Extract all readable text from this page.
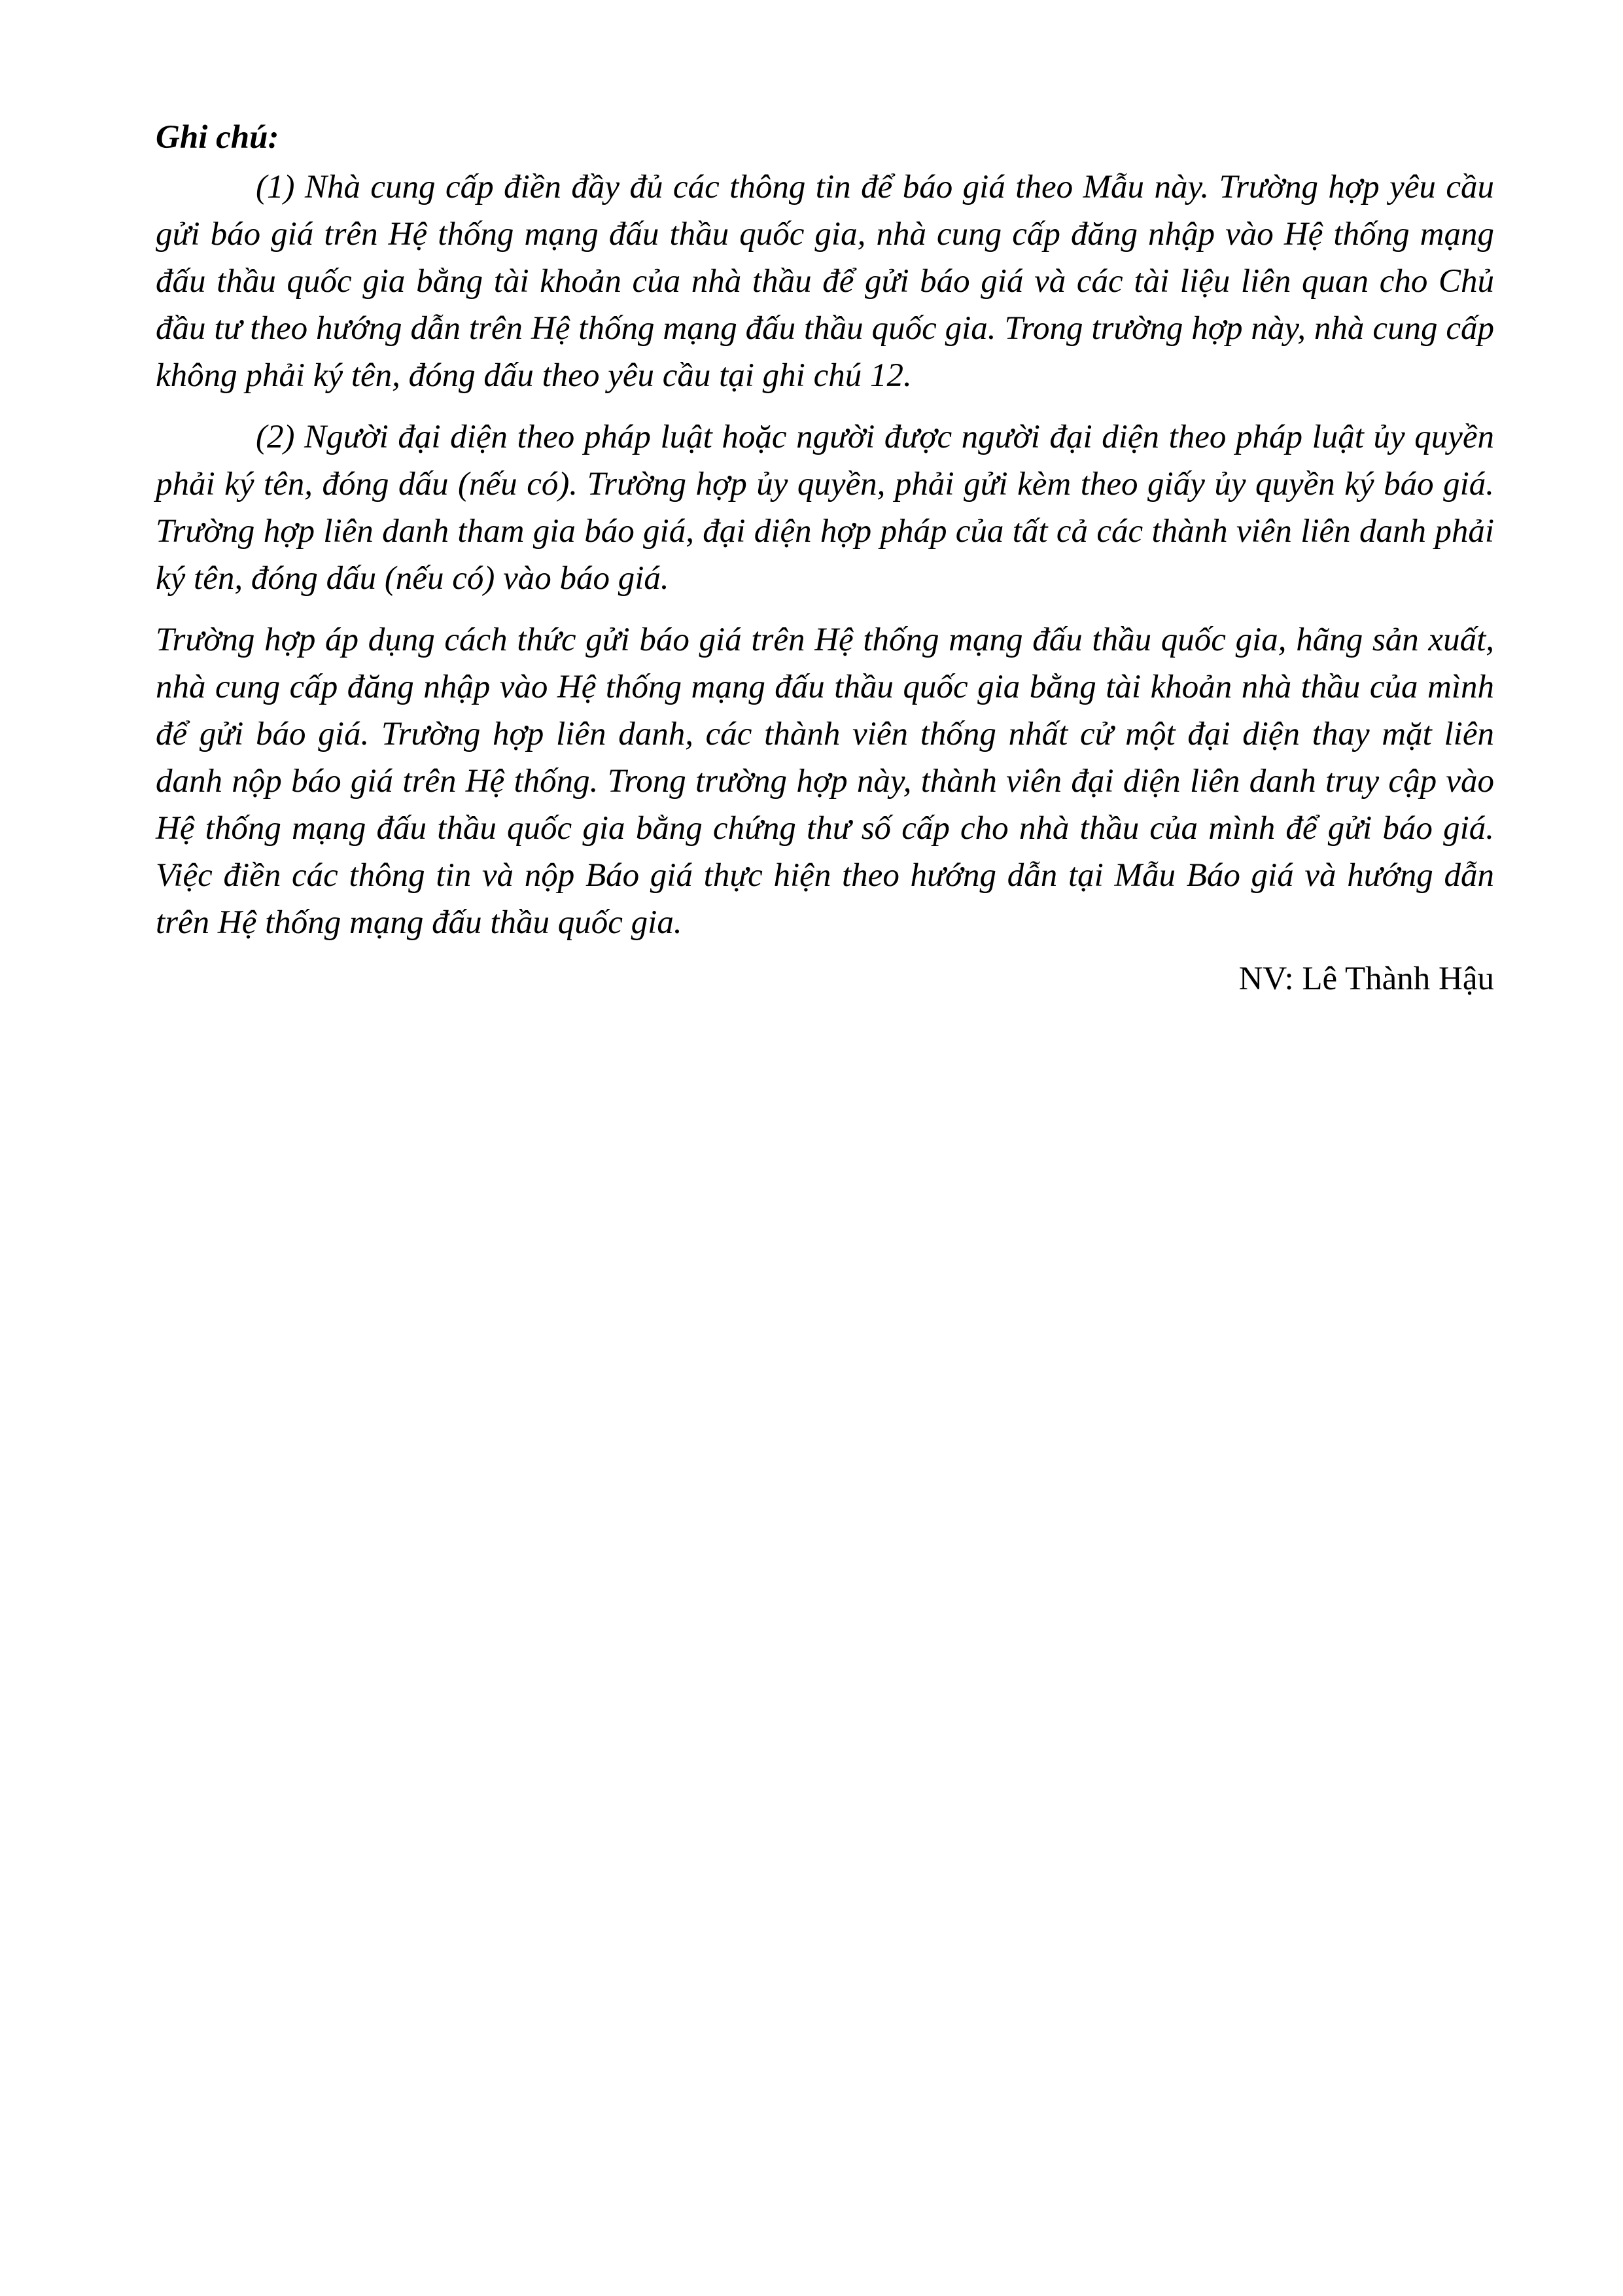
Ghi chú:

(1) Nhà cung cấp điền đầy đủ các thông tin để báo giá theo Mẫu này. Trường hợp yêu cầu gửi báo giá trên Hệ thống mạng đấu thầu quốc gia, nhà cung cấp đăng nhập vào Hệ thống mạng đấu thầu quốc gia bằng tài khoản của nhà thầu để gửi báo giá và các tài liệu liên quan cho Chủ đầu tư theo hướng dẫn trên Hệ thống mạng đấu thầu quốc gia. Trong trường hợp này, nhà cung cấp không phải ký tên, đóng dấu theo yêu cầu tại ghi chú 12.

(2) Người đại diện theo pháp luật hoặc người được người đại diện theo pháp luật ủy quyền phải ký tên, đóng dấu (nếu có). Trường hợp ủy quyền, phải gửi kèm theo giấy ủy quyền ký báo giá. Trường hợp liên danh tham gia báo giá, đại diện hợp pháp của tất cả các thành viên liên danh phải ký tên, đóng dấu (nếu có) vào báo giá.

Trường hợp áp dụng cách thức gửi báo giá trên Hệ thống mạng đấu thầu quốc gia, hãng sản xuất, nhà cung cấp đăng nhập vào Hệ thống mạng đấu thầu quốc gia bằng tài khoản nhà thầu của mình để gửi báo giá. Trường hợp liên danh, các thành viên thống nhất cử một đại diện thay mặt liên danh nộp báo giá trên Hệ thống. Trong trường hợp này, thành viên đại diện liên danh truy cập vào Hệ thống mạng đấu thầu quốc gia bằng chứng thư số cấp cho nhà thầu của mình để gửi báo giá. Việc điền các thông tin và nộp Báo giá thực hiện theo hướng dẫn tại Mẫu Báo giá và hướng dẫn trên Hệ thống mạng đấu thầu quốc gia.

NV: Lê Thành Hậu
